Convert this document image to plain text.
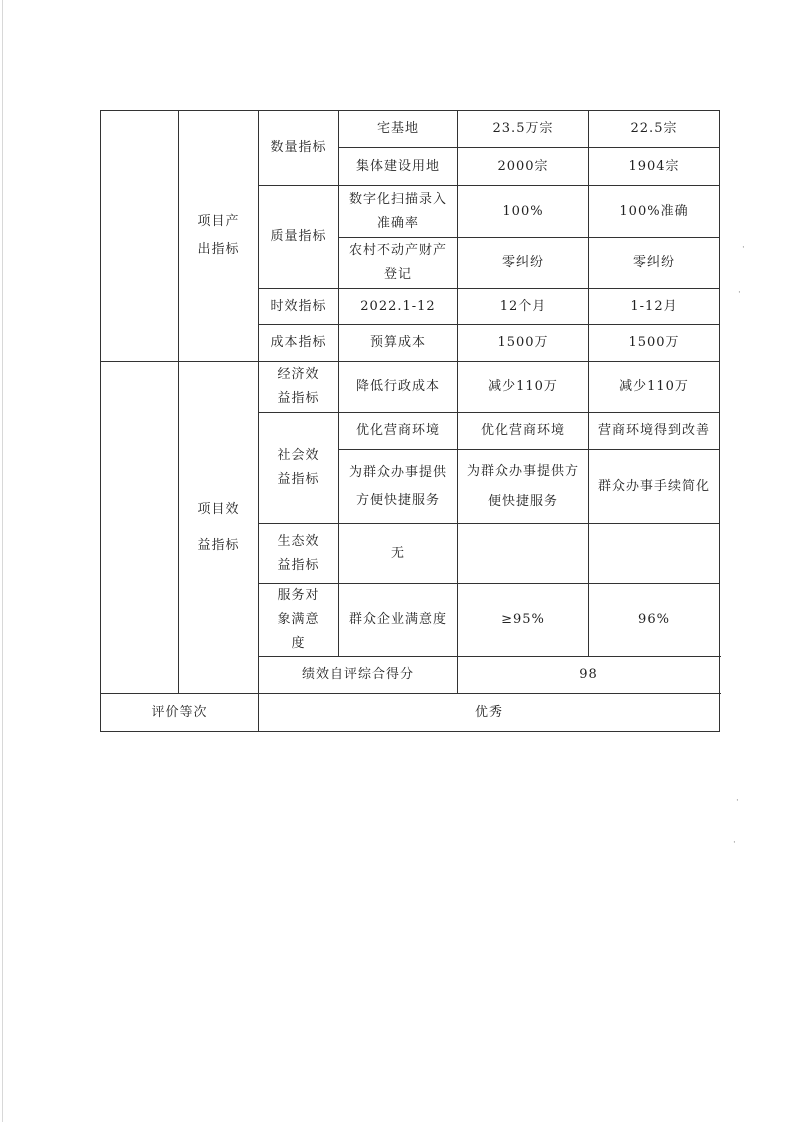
	项目产出指标	数量指标	宅基地	23.5万宗	22.5宗
			集体建设用地	2000宗	1904宗
		质量指标	数字化扫描录入准确率	100%	100%准确
			农村不动产财产登记	零纠纷	零纠纷
		时效指标	2022.1-12	12个月	1-12月
		成本指标	预算成本	1500万	1500万
	项目效益指标	经济效益指标	降低行政成本	减少110万	减少110万
		社会效益指标	优化营商环境	优化营商环境	营商环境得到改善
			为群众办事提供方便快捷服务	为群众办事提供方便快捷服务	群众办事手续简化
		生态效益指标	无		
		服务对象满意度	群众企业满意度	≥95%	96%
		绩效自评综合得分		98	
评价等次		优秀			
·
·
·
·
